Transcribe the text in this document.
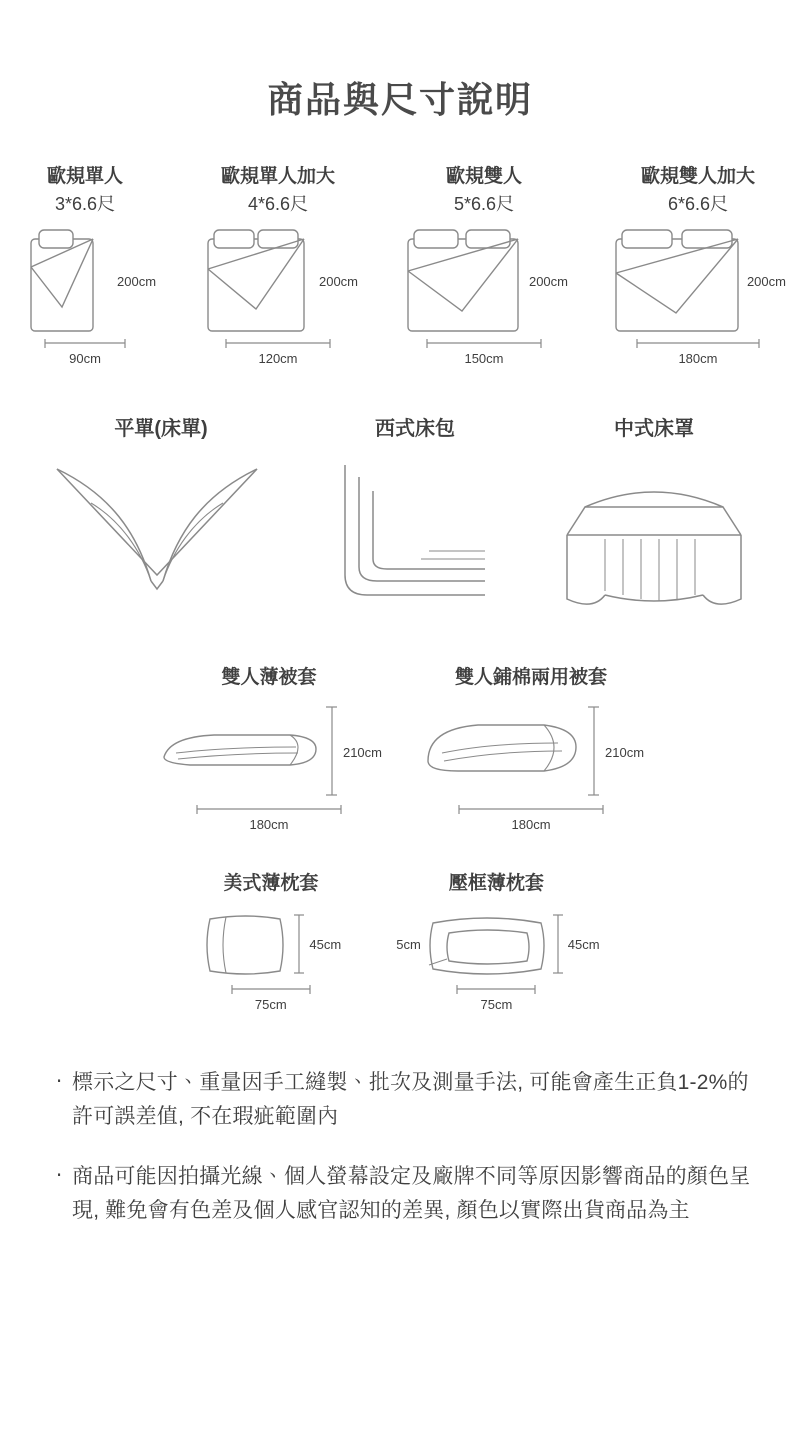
商品與尺寸說明
歐規單人
3*6.6尺
200cm
90cm
歐規單人加大
4*6.6尺
200cm
120cm
歐規雙人
5*6.6尺
200cm
150cm
歐規雙人加大
6*6.6尺
200cm
180cm
平單(床單)	西式床包	中式床罩
雙人薄被套
210cm
180cm
雙人鋪棉兩用被套
210cm
180cm
美式薄枕套
45cm
75cm
壓框薄枕套
5cm	45cm
75cm
‧ 標示之尺寸、重量因手工縫製、批次及測量手法, 可能會產生正負1-2%的許可誤差值, 不在瑕疵範圍內
‧ 商品可能因拍攝光線、個人螢幕設定及廠牌不同等原因影響商品的顏色呈現, 難免會有色差及個人感官認知的差異, 顏色以實際出貨商品為主
